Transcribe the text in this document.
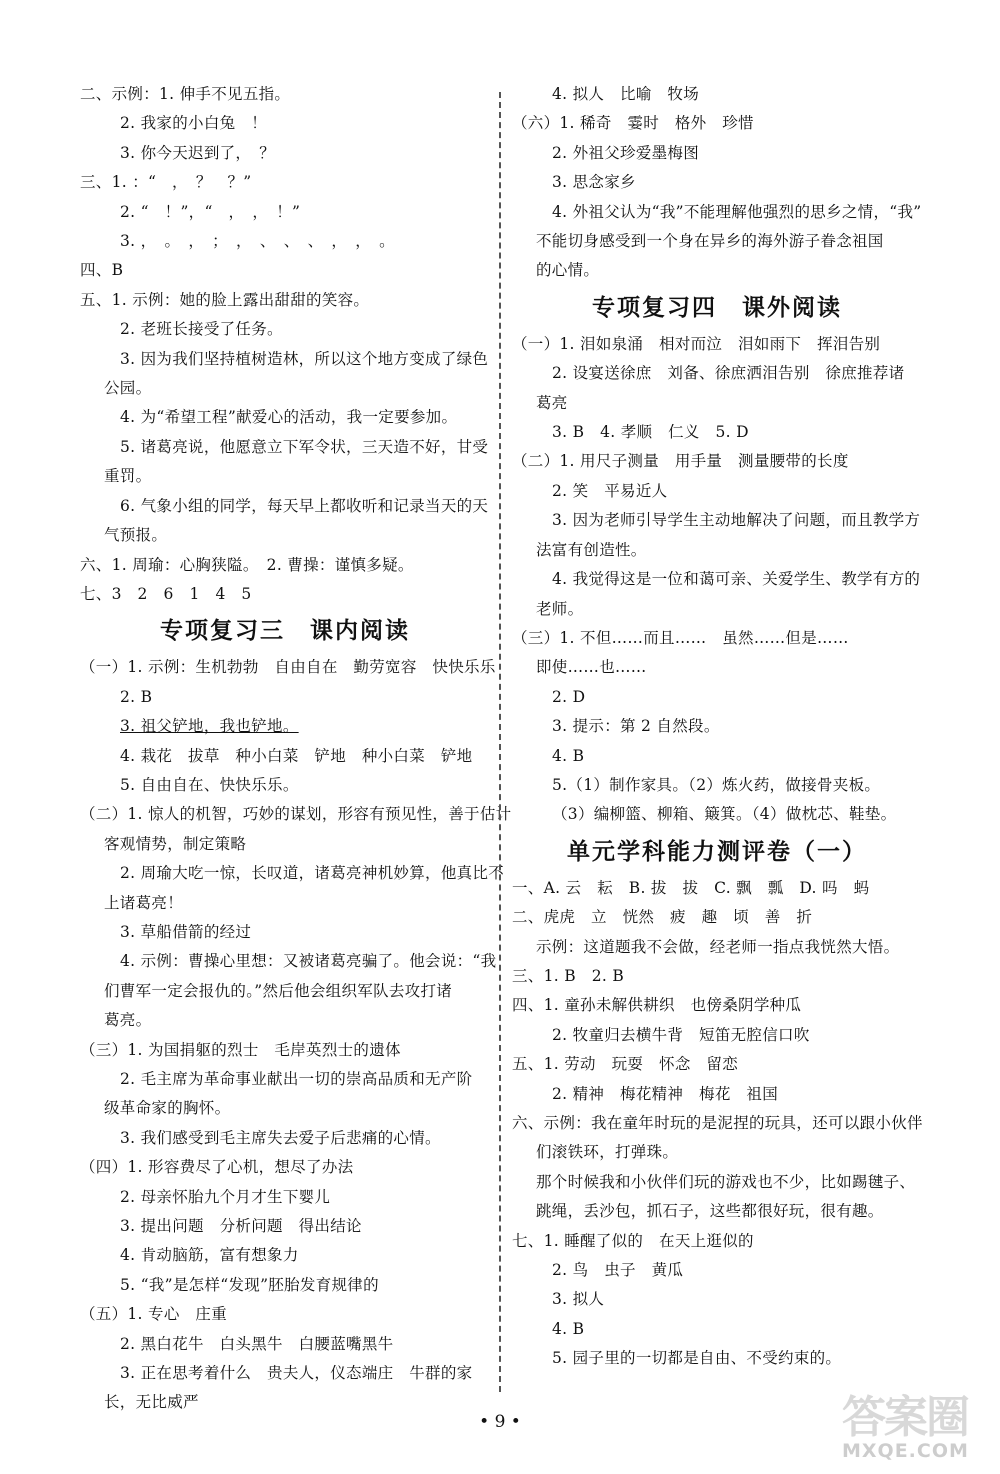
二、示例：1. 伸手不见五指。
2. 我家的小白兔　！
3. 你今天迟到了，　？
三、1. ：“　，　？　？”
2. “　！”，“　，　，　！”
3. ，　。　，　；　，　、　、　、　，　，　。
四、B
五、1. 示例：她的脸上露出甜甜的笑容。
2. 老班长接受了任务。
3. 因为我们坚持植树造林，所以这个地方变成了绿色
公园。
4. 为“希望工程”献爱心的活动，我一定要参加。
5. 诸葛亮说，他愿意立下军令状，三天造不好，甘受
重罚。
6. 气象小组的同学，每天早上都收听和记录当天的天
气预报。
六、1. 周瑜：心胸狭隘。　2. 曹操：谨慎多疑。
七、3　2　6　1　4　5
专项复习三　课内阅读
（一）1. 示例：生机勃勃　自由自在　勤劳宽容　快快乐乐
2. B
3. 祖父铲地，我也铲地。
4. 栽花　拔草　种小白菜　铲地　种小白菜　铲地
5. 自由自在、快快乐乐。
（二）1. 惊人的机智，巧妙的谋划，形容有预见性，善于估计
客观情势，制定策略
2. 周瑜大吃一惊，长叹道，诸葛亮神机妙算，他真比不
上诸葛亮！
3. 草船借箭的经过
4. 示例：曹操心里想：又被诸葛亮骗了。他会说：“我
们曹军一定会报仇的。”然后他会组织军队去攻打诸
葛亮。
（三）1. 为国捐躯的烈士　毛岸英烈士的遗体
2. 毛主席为革命事业献出一切的崇高品质和无产阶
级革命家的胸怀。
3. 我们感受到毛主席失去爱子后悲痛的心情。
（四）1. 形容费尽了心机，想尽了办法
2. 母亲怀胎九个月才生下婴儿
3. 提出问题　分析问题　得出结论
4. 肯动脑筋，富有想象力
5. “我”是怎样“发现”胚胎发育规律的
（五）1. 专心　庄重
2. 黑白花牛　白头黑牛　白腰蓝嘴黑牛
3. 正在思考着什么　贵夫人，仪态端庄　牛群的家
长，无比威严
4. 拟人　比喻　牧场
（六）1. 稀奇　霎时　格外　珍惜
2. 外祖父珍爱墨梅图
3. 思念家乡
4. 外祖父认为“我”不能理解他强烈的思乡之情，“我”
不能切身感受到一个身在异乡的海外游子眷念祖国
的心情。
专项复习四　课外阅读
（一）1. 泪如泉涌　相对而泣　泪如雨下　挥泪告别
2. 设宴送徐庶　刘备、徐庶洒泪告别　徐庶推荐诸
葛亮
3. B　4. 孝顺　仁义　5. D
（二）1. 用尺子测量　用手量　测量腰带的长度
2. 笑　平易近人
3. 因为老师引导学生主动地解决了问题，而且教学方
法富有创造性。
4. 我觉得这是一位和蔼可亲、关爱学生、教学有方的
老师。
（三）1. 不但……而且……　虽然……但是……
即使……也……
2. D
3. 提示：第 2 自然段。
4. B
5.（1）制作家具。（2）炼火药，做接骨夹板。
（3）编柳篮、柳箱、簸箕。（4）做枕芯、鞋垫。
单元学科能力测评卷（一）
一、A. 云　耘　B. 拔　拔　C. 飘　瓢　D. 吗　蚂
二、虎虎　立　恍然　疲　趣　顷　善　折
示例：这道题我不会做，经老师一指点我恍然大悟。
三、1. B　2. B
四、1. 童孙未解供耕织　也傍桑阴学种瓜
2. 牧童归去横牛背　短笛无腔信口吹
五、1. 劳动　玩耍　怀念　留恋
2. 精神　梅花精神　梅花　祖国
六、示例：我在童年时玩的是泥捏的玩具，还可以跟小伙伴
们滚铁环，打弹珠。
那个时候我和小伙伴们玩的游戏也不少，比如踢毽子、
跳绳，丢沙包，抓石子，这些都很好玩，很有趣。
七、1. 睡醒了似的　在天上逛似的
2. 鸟　虫子　黄瓜
3. 拟人
4. B
5. 园子里的一切都是自由、不受约束的。
• 9 •	答案圈
MXQE.COM
